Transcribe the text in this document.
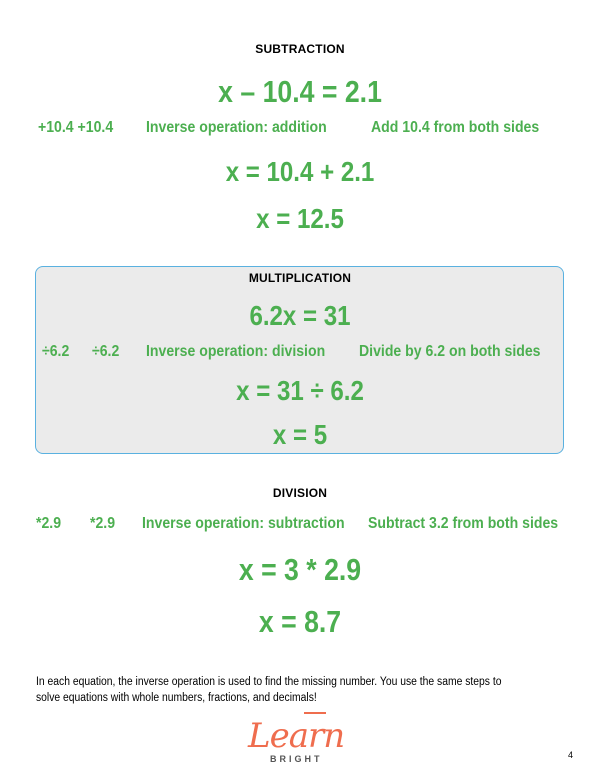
SUBTRACTION
x – 10.4 = 2.1
+10.4 +10.4 Inverse operation: addition	Add 10.4 from both sides
x = 10.4 + 2.1
x = 12.5
MULTIPLICATION
6.2x = 31
÷6.2 ÷6.2 Inverse operation: division Divide by 6.2 on both sides
x = 31 ÷ 6.2
x = 5
DIVISION
*2.9 *2.9 Inverse operation: subtraction Subtract 3.2 from both sides
x = 3 * 2.9
x = 8.7
In each equation, the inverse operation is used to find the missing number. You use the same steps to solve equations with whole numbers, fractions, and decimals!
Learn
BRIGHT	4
